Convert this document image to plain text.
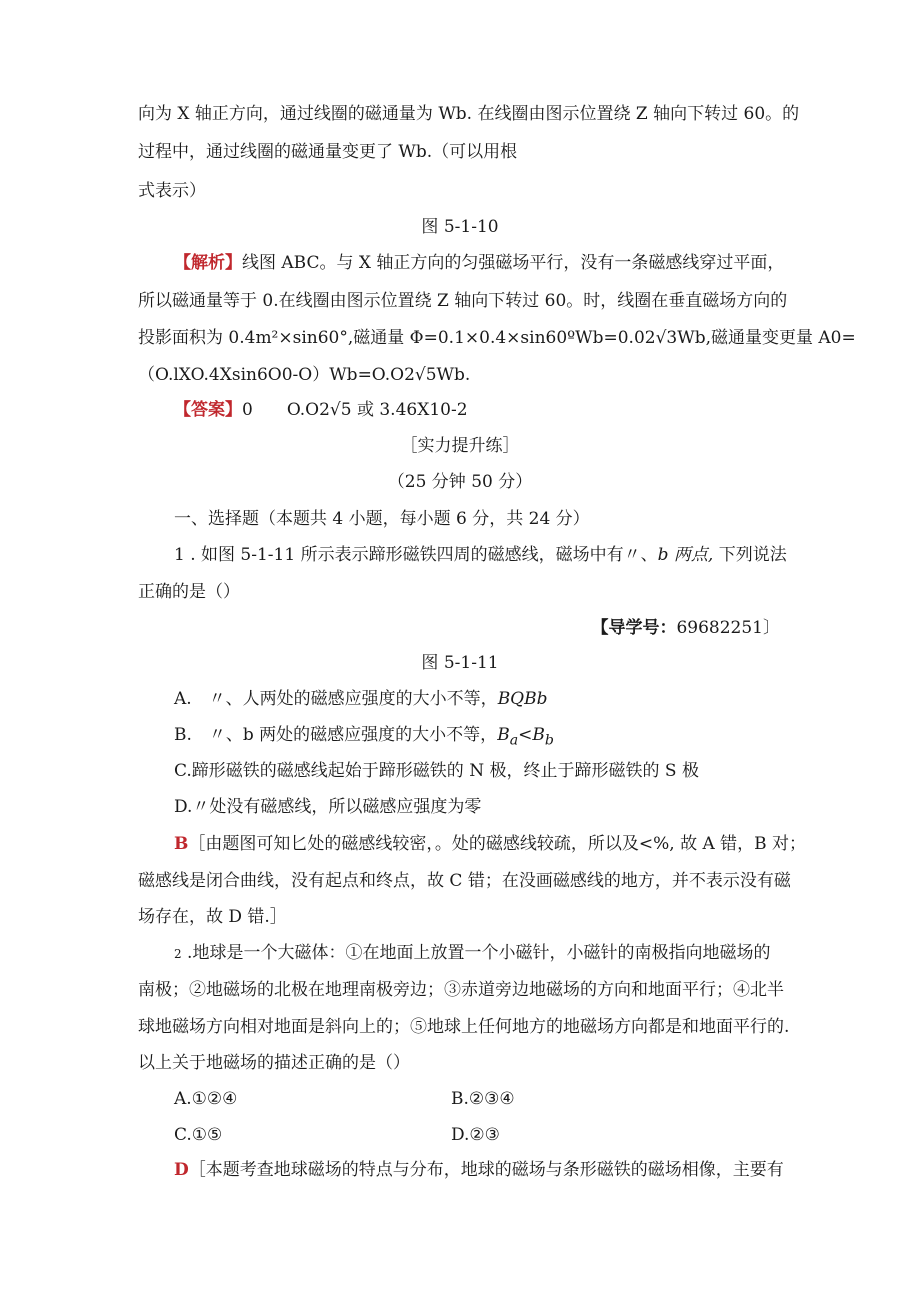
向为 X 轴正方向，通过线圈的磁通量为 Wb. 在线圈由图示位置绕 Z 轴向下转过 60。的
过程中，通过线圈的磁通量变更了 Wb.（可以用根
式表示）
图 5-1-10
【解析】线图 ABC。与 X 轴正方向的匀强磁场平行，没有一条磁感线穿过平面，
所以磁通量等于 0.在线圈由图示位置绕 Z 轴向下转过 60。时，线圈在垂直磁场方向的
投影面积为 0.4m²×sin60°,磁通量 Φ=0.1×0.4×sin60ºWb=0.02√3Wb,磁通量变更量 A0=
（O.lXO.4Xsin6O0-O）Wb=O.O2√5Wb.
【答案】0　　O.O2√5 或 3.46X10-2
［实力提升练］
（25 分钟 50 分）
一、选择题（本题共 4 小题，每小题 6 分，共 24 分）
1 . 如图 5-1-11 所示表示蹄形磁铁四周的磁感线，磁场中有〃、b 两点, 下列说法
正确的是（）
【导学号：69682251〕
图 5-1-11
A.　〃、人两处的磁感应强度的大小不等，BQBb
B.　〃、b 两处的磁感应强度的大小不等，$B_a<B_b$
C.蹄形磁铁的磁感线起始于蹄形磁铁的 N 极，终止于蹄形磁铁的 S 极
D.〃处没有磁感线，所以磁感应强度为零
B［由题图可知匕处的磁感线较密，。处的磁感线较疏，所以及<%, 故 A 错，B 对；
磁感线是闭合曲线，没有起点和终点，故 C 错；在没画磁感线的地方，并不表示没有磁
场存在，故 D 错.］
2 .地球是一个大磁体：①在地面上放置一个小磁针，小磁针的南极指向地磁场的
南极；②地磁场的北极在地理南极旁边；③赤道旁边地磁场的方向和地面平行；④北半
球地磁场方向相对地面是斜向上的；⑤地球上任何地方的地磁场方向都是和地面平行的.
以上关于地磁场的描述正确的是（）
A.①②④	B.②③④
C.①⑤	D.②③
D［本题考查地球磁场的特点与分布，地球的磁场与条形磁铁的磁场相像，主要有
